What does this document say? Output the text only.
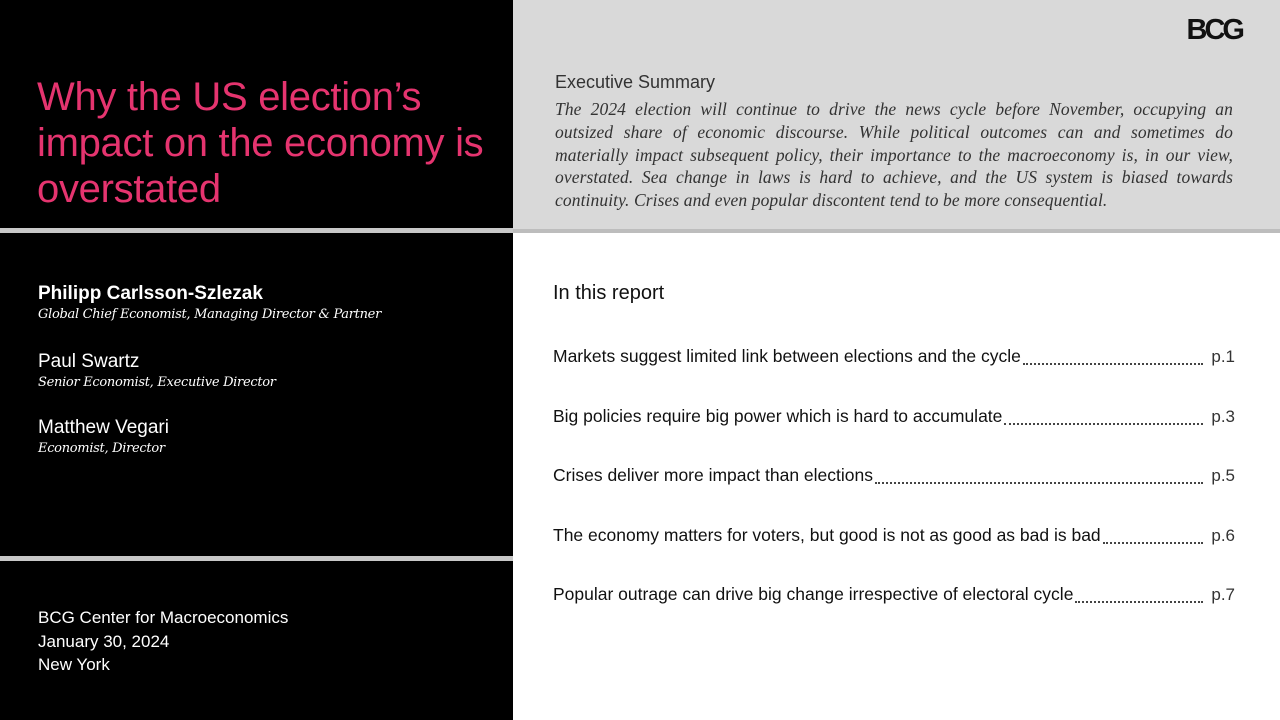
Why the US election’s impact on the economy is overstated
Philipp Carlsson-Szlezak
Global Chief Economist, Managing Director & Partner
Paul Swartz
Senior Economist, Executive Director
Matthew Vegari
Economist, Director
BCG Center for Macroeconomics
January 30, 2024
New York
BCG
Executive Summary
The 2024 election will continue to drive the news cycle before November, occupying an outsized share of economic discourse. While political outcomes can and sometimes do materially impact subsequent policy, their importance to the macroeconomy is, in our view, overstated. Sea change in laws is hard to achieve, and the US system is biased towards continuity. Crises and even popular discontent tend to be more consequential.
In this report
Markets suggest limited link between elections and the cycle	p.1
Big policies require big power which is hard to accumulate	p.3
Crises deliver more impact than elections	p.5
The economy matters for voters, but good is not as good as bad is bad	p.6
Popular outrage can drive big change irrespective of electoral cycle	p.7
